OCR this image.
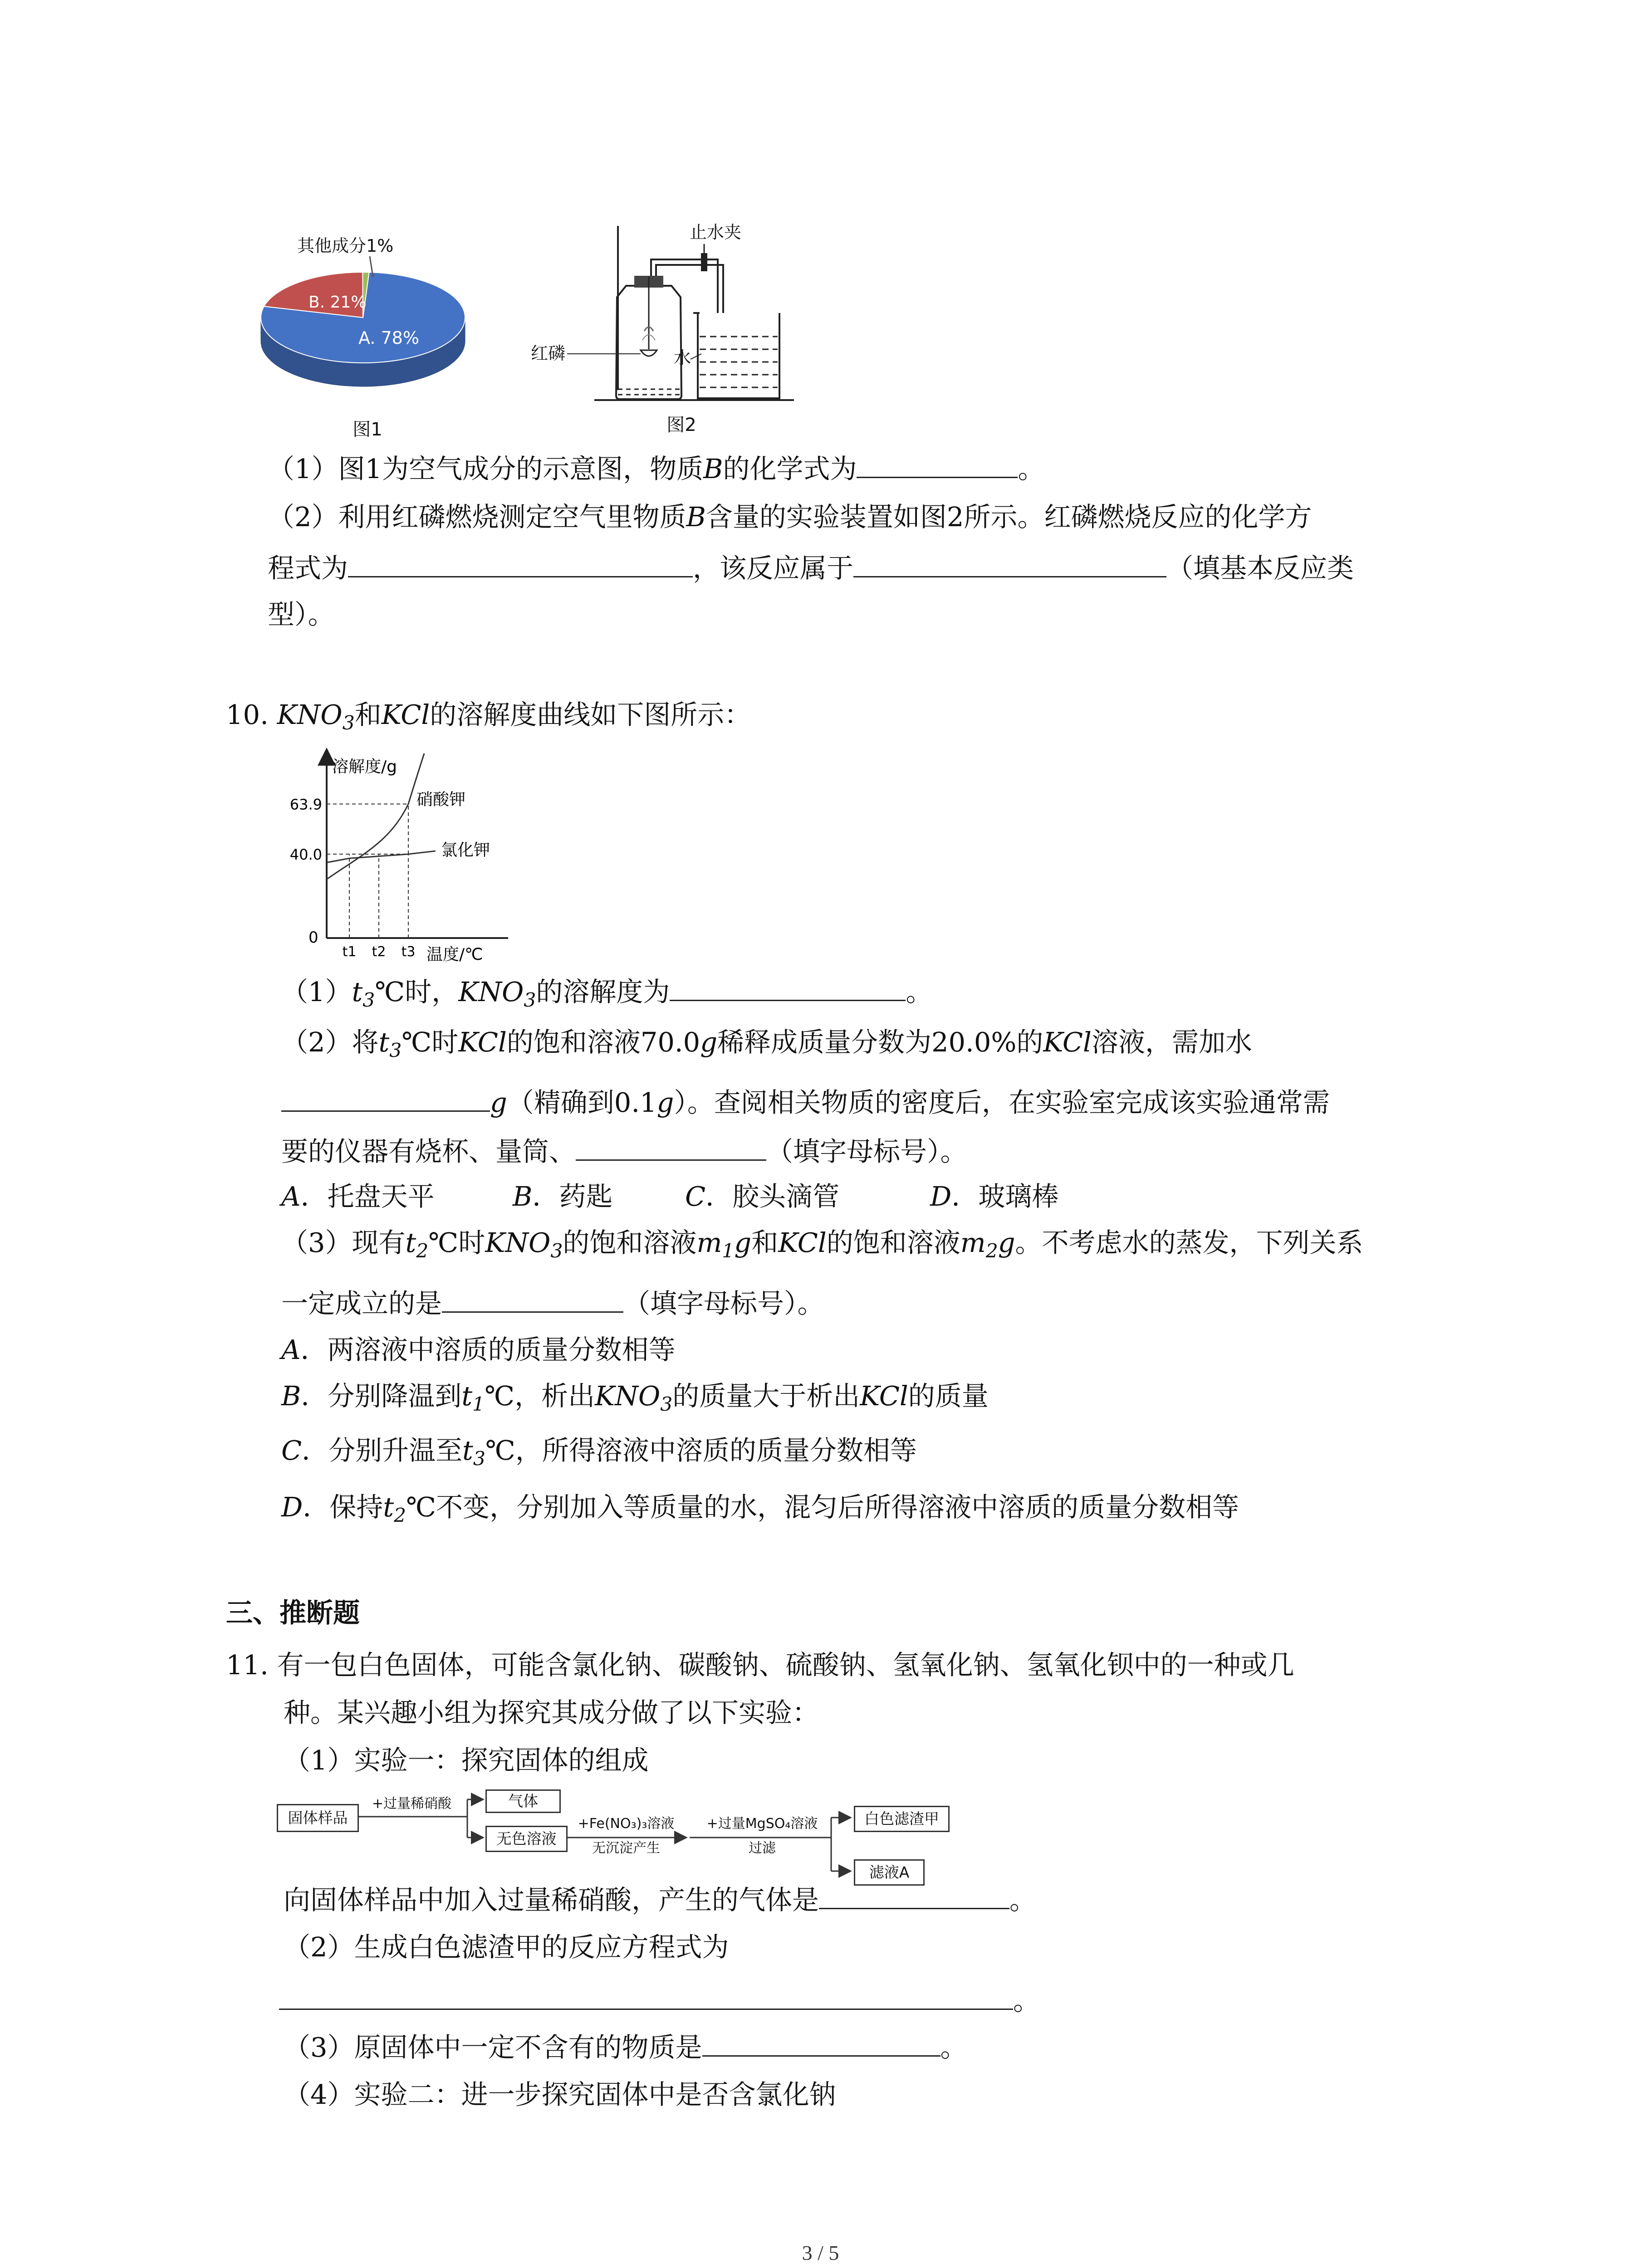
其他成分1%
B. 21%
A. 78%
图1
止水夹
红磷	水
图2

（1）图1为空气成分的示意图，物质B的化学式为	。

（2）利用红磷燃烧测定空气里物质B含量的实验装置如图2所示。红磷燃烧反应的化学方

程式为	，该反应属于	（填基本反应类

型）。

10. $KNO_3$和KCl的溶解度曲线如下图所示：

溶解度/g
温度/℃
0
63.9
40.0
t1 t2 t3
硝酸钾
氯化钾

$(1)t_3℃$时，$KNO_3$的溶解度为	。

（2）将$t_3℃$时KCl的饱和溶液70.0g稀释成质量分数为20.0%的KCl溶液，需加水

g（精确到0.1g）。查阅相关物质的密度后，在实验室完成该实验通常需

要的仪器有烧杯、量筒、	（填字母标号）。

A．托盘天平	B．药匙	C．胶头滴管	D．玻璃棒

（3）现有$t_2℃$时$KNO_3$的饱和溶液$m_1g$和KCl的饱和溶液$m_2g$。不考虑水的蒸发，下列关系

一定成立的是	（填字母标号）。

A．两溶液中溶质的质量分数相等

B．分别降温到$t_1℃$，析出$KNO_3$的质量大于析出KCl的质量

C．分别升温至$t_3℃$，所得溶液中溶质的质量分数相等

D．保持$t_2℃$不变，分别加入等质量的水，混匀后所得溶液中溶质的质量分数相等

三、推断题

11. 有一包白色固体，可能含氯化钠、碳酸钠、硫酸钠、氢氧化钠、氢氧化钡中的一种或几

种。某兴趣小组为探究其成分做了以下实验：

（1）实验一：探究固体的组成

固体样品
+过量稀硝酸	气体
无色溶液
+Fe(NO₃)₃溶液
无沉淀产生
+过量MgSO₄溶液
过滤
白色滤渣甲
滤液A

向固体样品中加入过量稀硝酸，产生的气体是	。

（2）生成白色滤渣甲的反应方程式为

。

（3）原固体中一定不含有的物质是	。

（4）实验二：进一步探究固体中是否含氯化钠

3 / 5
